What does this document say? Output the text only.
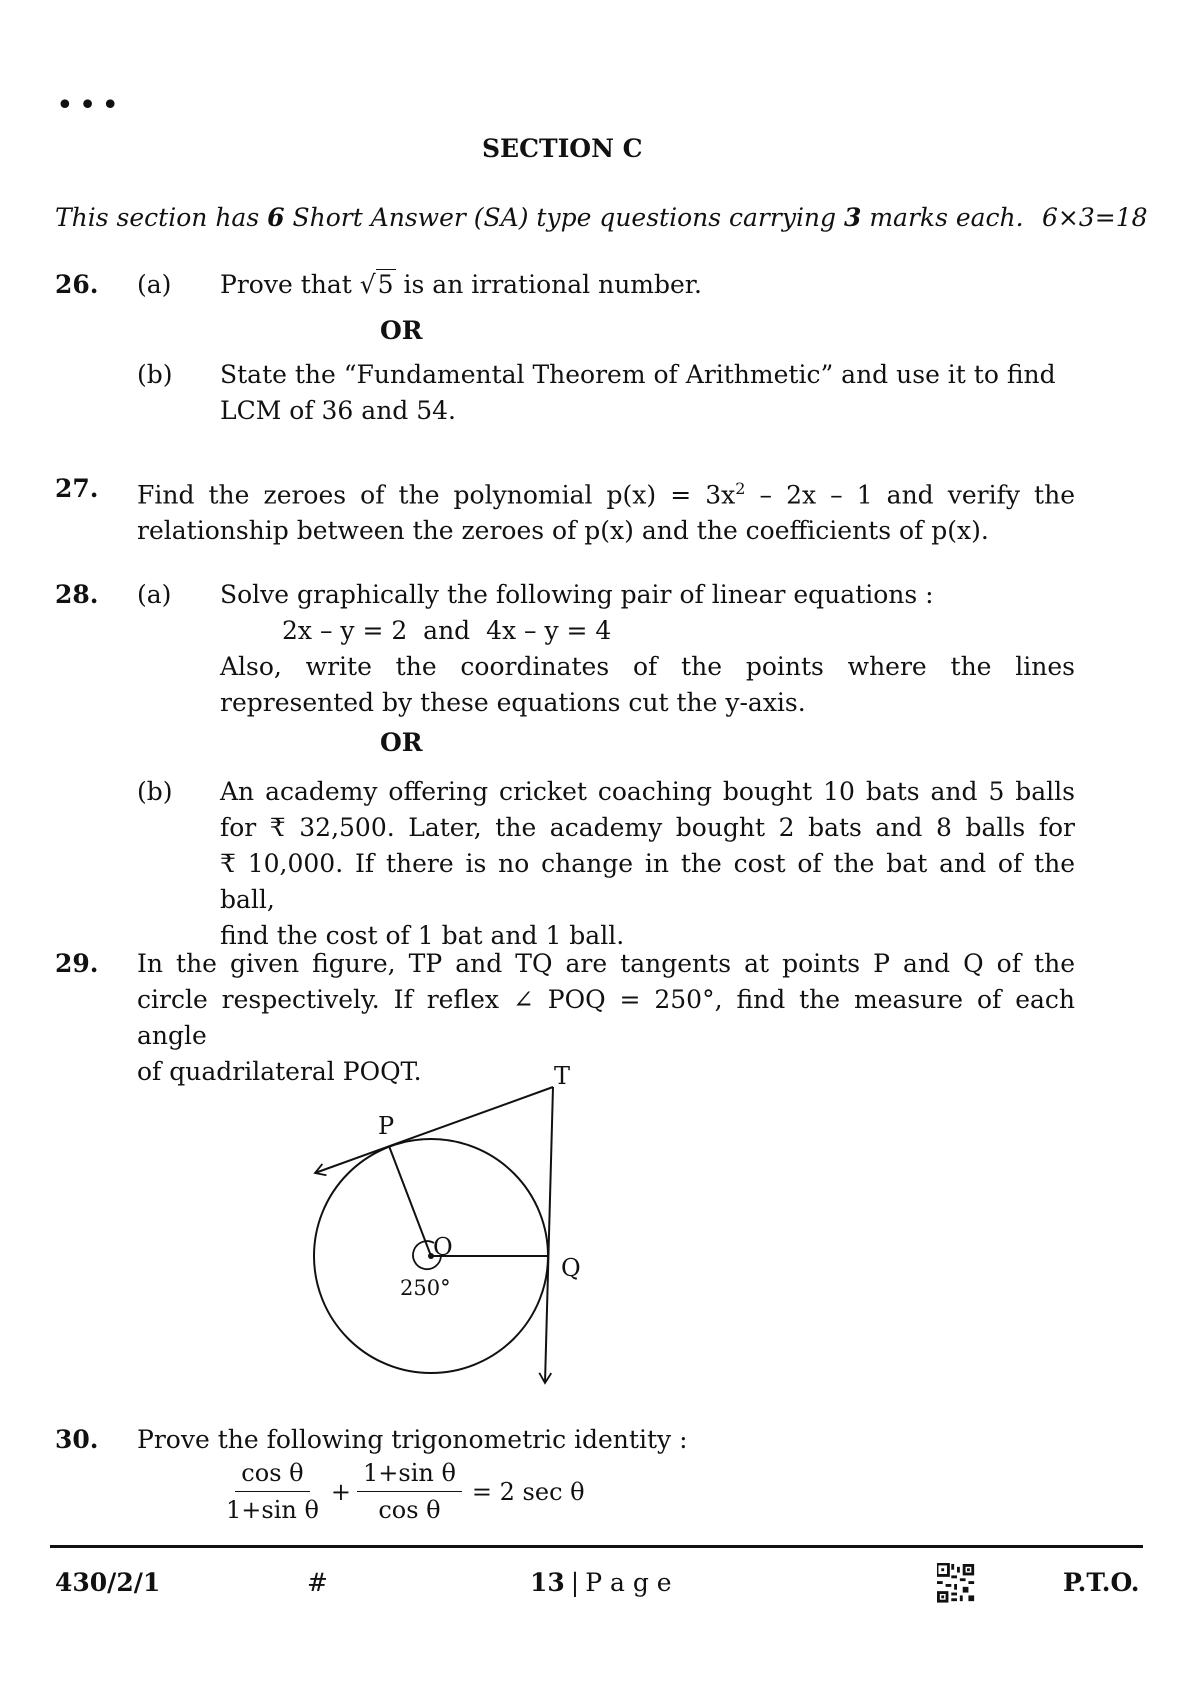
•••
SECTION C
This section has 6 Short Answer (SA) type questions carrying 3 marks each. 6×3=18
26. (a) Prove that √5 is an irrational number.
OR
(b) State the “Fundamental Theorem of Arithmetic” and use it to find
LCM of 36 and 54.
27. Find the zeroes of the polynomial $p(x) = 3x^2 - 2x - 1$ and verify the
relationship between the zeroes of p(x) and the coefficients of p(x).
28. (a) Solve graphically the following pair of linear equations :
2x – y = 2  and  4x – y = 4
Also, write the coordinates of the points where the lines
represented by these equations cut the y-axis.
OR
(b) An academy offering cricket coaching bought 10 bats and 5 balls
for ₹ 32,500. Later, the academy bought 2 bats and 8 balls for
₹ 10,000. If there is no change in the cost of the bat and of the ball,
find the cost of 1 bat and 1 ball.
29. In the given figure, TP and TQ are tangents at points P and Q of the
circle respectively. If reflex ∠ POQ = 250°, find the measure of each angle
of quadrilateral POQT.	T
P
O
Q
250°
30. Prove the following trigonometric identity :
$\frac{\text{cos θ}}{\text{1+sin θ}} + \frac{\text{1+sin θ}}{\text{cos θ}} = 2$ sec θ
430/2/1	#	13 | P a g e	P.T.O.
